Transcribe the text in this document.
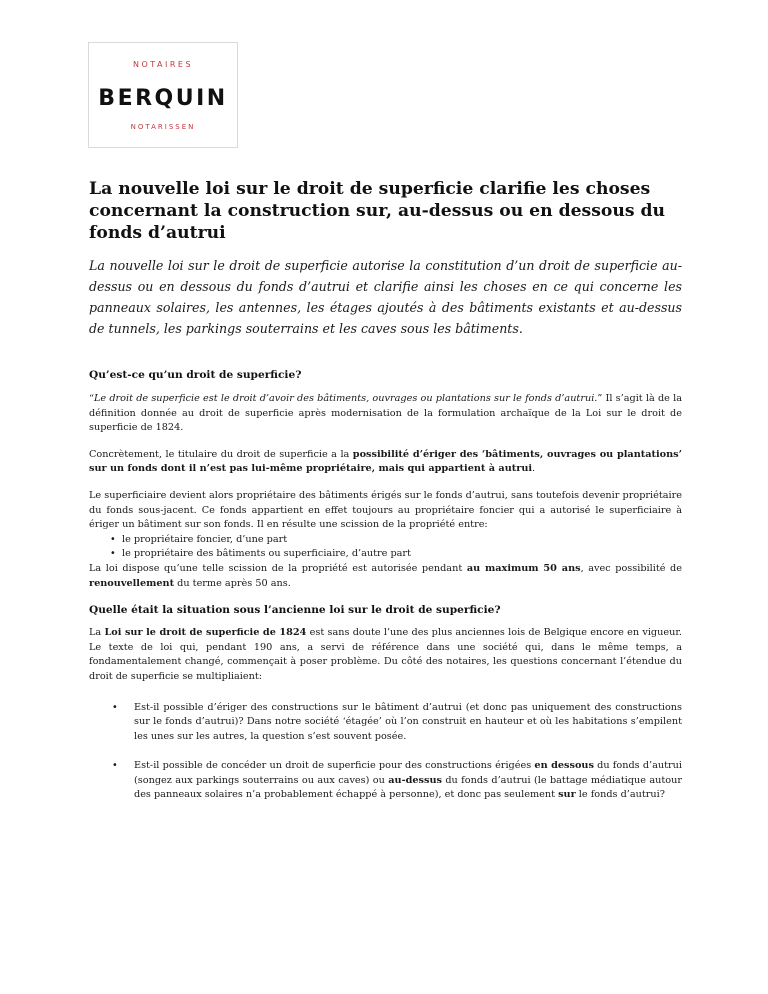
NOTAIRES
BERQUIN
NOTARISSEN
La nouvelle loi sur le droit de superficie clarifie les choses concernant la construction sur, au-dessus ou en dessous du fonds d’autrui

La nouvelle loi sur le droit de superficie autorise la constitution d’un droit de superficie au-dessus ou en dessous du fonds d’autrui et clarifie ainsi les choses en ce qui concerne les panneaux solaires, les antennes, les étages ajoutés à des bâtiments existants et au-dessus de tunnels, les parkings souterrains et les caves sous les bâtiments.

Qu’est-ce qu’un droit de superficie?

“Le droit de superficie est le droit d’avoir des bâtiments, ouvrages ou plantations sur le fonds d’autrui.” Il s’agit là de la définition donnée au droit de superficie après modernisation de la formulation archaïque de la Loi sur le droit de superficie de 1824.

Concrètement, le titulaire du droit de superficie a la possibilité d’ériger des ‘bâtiments, ouvrages ou plantations’ sur un fonds dont il n’est pas lui-même propriétaire, mais qui appartient à autrui.

Le superficiaire devient alors propriétaire des bâtiments érigés sur le fonds d’autrui, sans toutefois devenir propriétaire du fonds sous-jacent. Ce fonds appartient en effet toujours au propriétaire foncier qui a autorisé le superficiaire à ériger un bâtiment sur son fonds. Il en résulte une scission de la propriété entre:

• le propriétaire foncier, d’une part
• le propriétaire des bâtiments ou superficiaire, d’autre part

La loi dispose qu’une telle scission de la propriété est autorisée pendant au maximum 50 ans, avec possibilité de renouvellement du terme après 50 ans.

Quelle était la situation sous l’ancienne loi sur le droit de superficie?

La Loi sur le droit de superficie de 1824 est sans doute l’une des plus anciennes lois de Belgique encore en vigueur. Le texte de loi qui, pendant 190 ans, a servi de référence dans une société qui, dans le même temps, a fondamentalement changé, commençait à poser problème. Du côté des notaires, les questions concernant l’étendue du droit de superficie se multipliaient:

• Est-il possible d’ériger des constructions sur le bâtiment d’autrui (et donc pas uniquement des constructions sur le fonds d’autrui)? Dans notre société ‘étagée’ où l’on construit en hauteur et où les habitations s’empilent les unes sur les autres, la question s’est souvent posée.
• Est-il possible de concéder un droit de superficie pour des constructions érigées en dessous du fonds d’autrui (songez aux parkings souterrains ou aux caves) ou au-dessus du fonds d’autrui (le battage médiatique autour des panneaux solaires n’a probablement échappé à personne), et donc pas seulement sur le fonds d’autrui?
